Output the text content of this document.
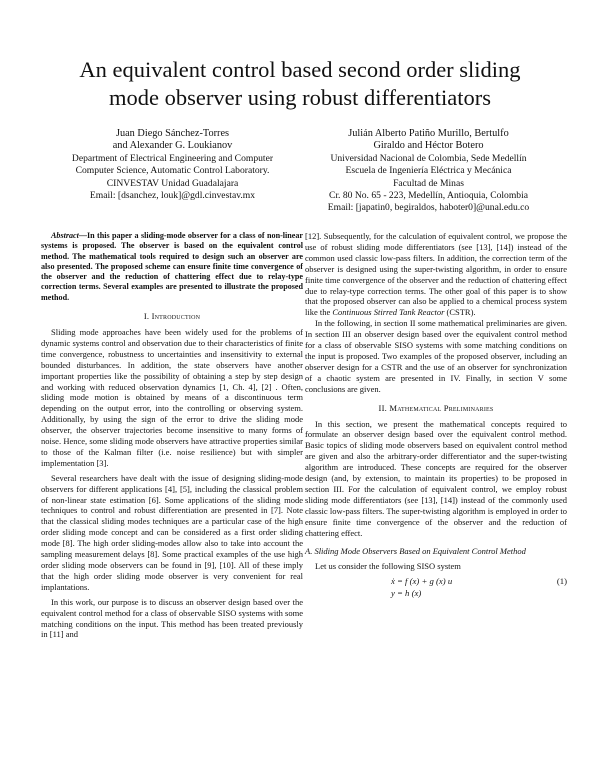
An equivalent control based second order sliding
mode observer using robust differentiators
Juan Diego Sánchez-Torres
and Alexander G. Loukianov
Department of Electrical Engineering and Computer
Computer Science, Automatic Control Laboratory.
CINVESTAV Unidad Guadalajara
Email: [dsanchez, louk]@gdl.cinvestav.mx
Julián Alberto Patiño Murillo, Bertulfo
Giraldo and Héctor Botero
Universidad Nacional de Colombia, Sede Medellín
Escuela de Ingeniería Eléctrica y Mecánica
Facultad de Minas
Cr. 80 No. 65 - 223, Medellín, Antioquia, Colombia
Email: [japatin0, begiraldos, haboter0]@unal.edu.co

Abstract—In this paper a sliding-mode observer for a class of non-linear systems is proposed. The observer is based on the equivalent control method. The mathematical tools required to design such an observer are also presented. The proposed scheme can ensure finite time convergence of the observer and the reduction of chattering effect due to relay-type correction terms. Several examples are presented to illustrate the proposed method.

I. Introduction

Sliding mode approaches have been widely used for the problems of dynamic systems control and observation due to their characteristics of finite time convergence, robustness to uncertainties and insensitivity to external bounded disturbances. In addition, the state observers have another important properties like the possibility of obtaining a step by step design and working with reduced observation dynamics [1, Ch. 4], [2] . Often, sliding mode motion is obtained by means of a discontinuous term depending on the output error, into the controlling or observing system. Additionally, by using the sign of the error to drive the sliding mode observer, the observer trajectories become insensitive to many forms of noise. Hence, some sliding mode observers have attractive properties similar to those of the Kalman filter (i.e. noise resilience) but with simpler implementation [3].

Several researchers have dealt with the issue of designing sliding-mode observers for different applications [4], [5], including the classical problem of non-linear state estimation [6]. Some applications of the sliding mode techniques to control and robust differentiation are presented in [7]. Note that the classical sliding modes techniques are a particular case of the high order sliding mode concept and can be considered as a first order sliding mode [8]. The high order sliding-modes allow also to take into account the sampling measurement delays [8]. Some practical examples of the use high order sliding mode observers can be found in [9], [10]. All of these imply that the high order sliding mode observer is very convenient for real implantations.

In this work, our purpose is to discuss an observer design based over the equivalent control method for a class of observable SISO systems with some matching conditions on the input. This method has been treated previously in [11] and

[12]. Subsequently, for the calculation of equivalent control, we propose the use of robust sliding mode differentiators (see [13], [14]) instead of the common used classic low-pass filters. In addition, the correction term of the observer is designed using the super-twisting algorithm, in order to ensure finite time convergence of the observer and the reduction of chattering effect due to relay-type correction terms. The other goal of this paper is to show that the proposed observer can also be applied to a chemical process system like the Continuous Stirred Tank Reactor (CSTR).

In the following, in section II some mathematical preliminaries are given. In section III an observer design based over the equivalent control method for a class of observable SISO systems with some matching conditions on the input is proposed. Two examples of the proposed observer, including an observer design for a CSTR and the use of an observer for synchronization of a chaotic system are presented in IV. Finally, in section V some conclusions are given.

II. Mathematical Preliminaries

In this section, we present the mathematical concepts required to formulate an observer design based over the equivalent control method. Basic topics of sliding mode observers based on equivalent control method are given and also the arbitrary-order differentiator and the super-twisting algorithm are introduced. These concepts are required for the observer design (and, by extension, to maintain its properties) to be proposed in section III. For the calculation of equivalent control, we employ robust sliding mode differentiators (see [13], [14]) instead of the commonly used classic low-pass filters. The super-twisting algorithm is employed in order to ensure finite time convergence of the observer and the reduction of chattering effect.

A. Sliding Mode Observers Based on Equivalent Control Method

Let us consider the following SISO system

ẋ = f (x) + g (x) u	(1)
y = h (x)
